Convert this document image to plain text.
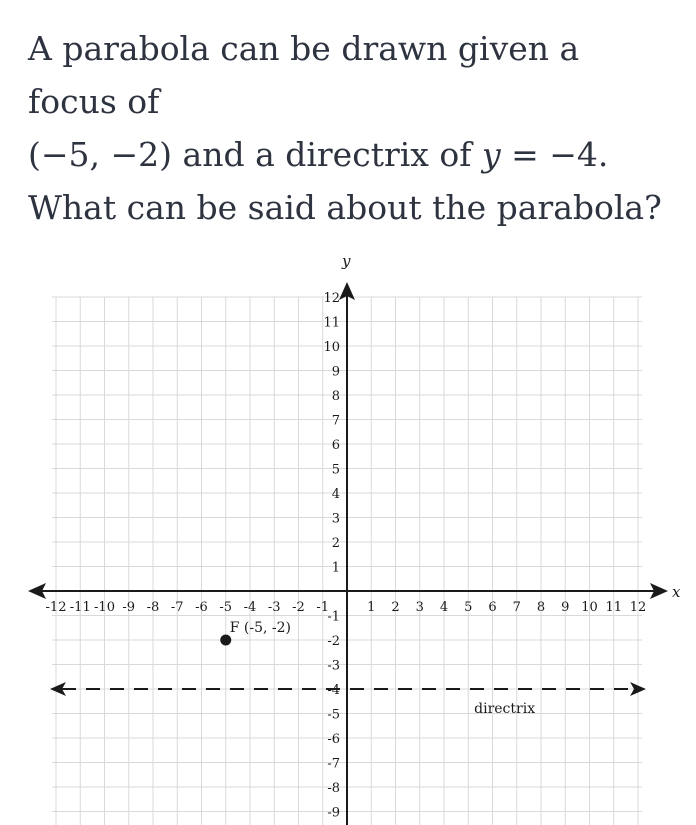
A parabola can be drawn given a focus of
(−5, −2) and a directrix of y = −4.
What can be said about the parabola?
x
y
-12 -11 -10 -9 -8 -7 -6 -5 -4 -3 -2 -1	1 2 3 4 5 6 7 8 9 10 11 12
-9
-8
-7
-6
-5
-4
-3
-2
-1
1
2
3
4
5
6
7
8
9
10
11
12
directrix
F (-5, -2)
